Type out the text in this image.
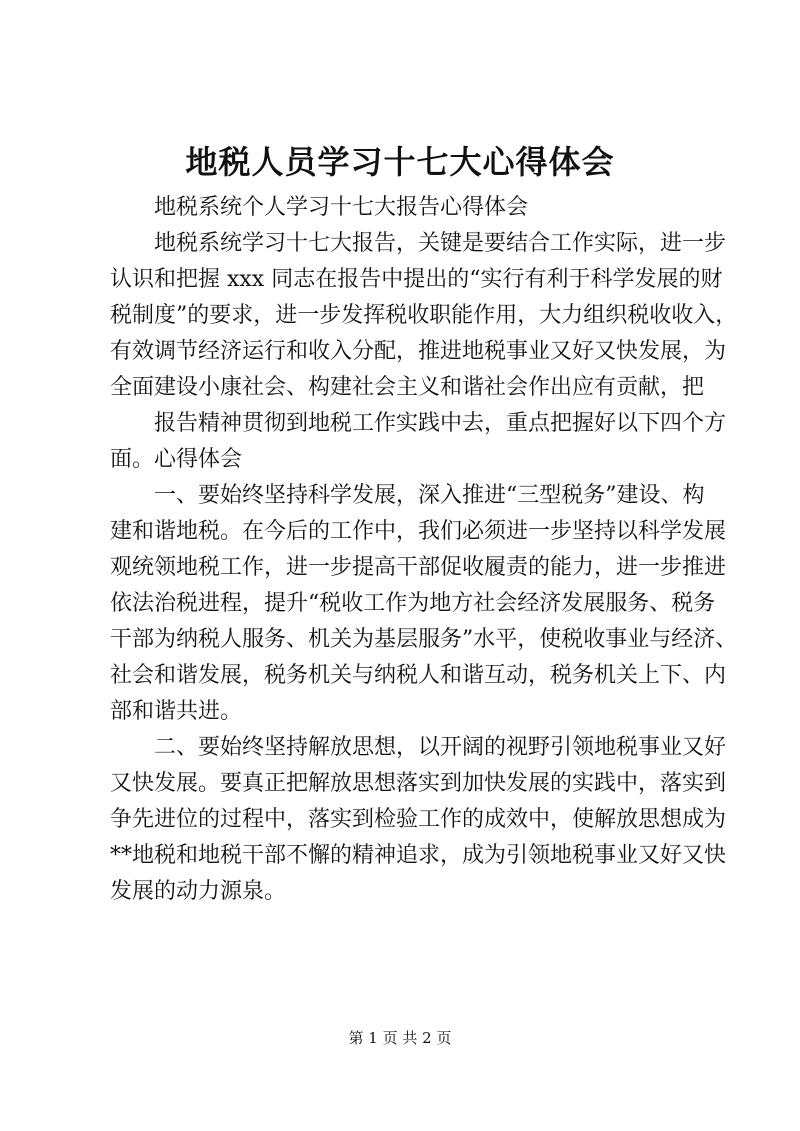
地税人员学习十七大心得体会
地税系统个人学习十七大报告心得体会
地税系统学习十七大报告，关键是要结合工作实际，进一步
认识和把握 xxx 同志在报告中提出的“实行有利于科学发展的财
税制度”的要求，进一步发挥税收职能作用，大力组织税收收入，
有效调节经济运行和收入分配，推进地税事业又好又快发展，为
全面建设小康社会、构建社会主义和谐社会作出应有贡献，把
报告精神贯彻到地税工作实践中去，重点把握好以下四个方
面。心得体会
一、要始终坚持科学发展，深入推进“三型税务”建设、构
建和谐地税。在今后的工作中，我们必须进一步坚持以科学发展
观统领地税工作，进一步提高干部促收履责的能力，进一步推进
依法治税进程，提升“税收工作为地方社会经济发展服务、税务
干部为纳税人服务、机关为基层服务”水平，使税收事业与经济、
社会和谐发展，税务机关与纳税人和谐互动，税务机关上下、内
部和谐共进。
二、要始终坚持解放思想，以开阔的视野引领地税事业又好
又快发展。要真正把解放思想落实到加快发展的实践中，落实到
争先进位的过程中，落实到检验工作的成效中，使解放思想成为
**地税和地税干部不懈的精神追求，成为引领地税事业又好又快
发展的动力源泉。
第 1 页 共 2 页
